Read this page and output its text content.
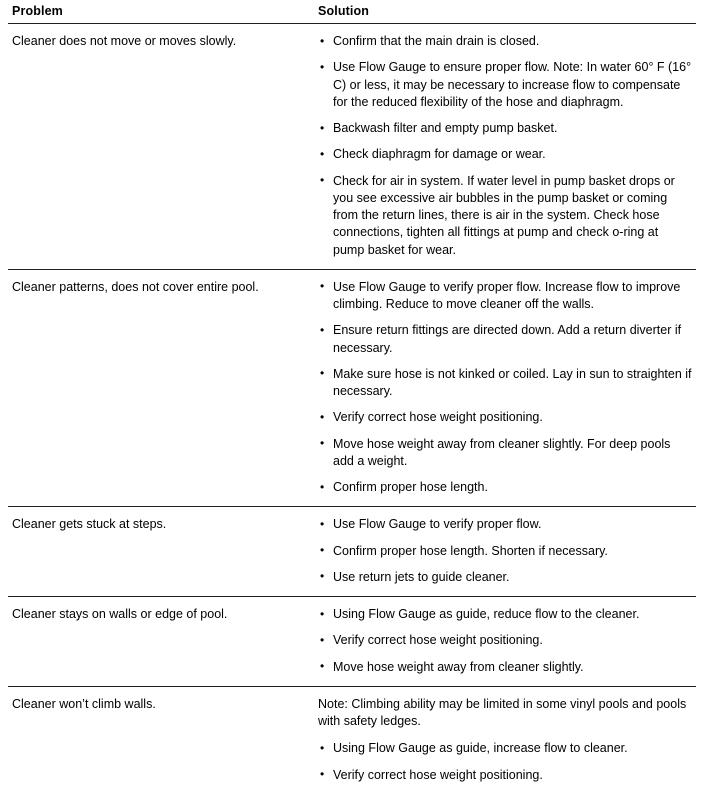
Problem	Solution
Cleaner does not move or moves slowly.	
•Confirm that the main drain is closed.
• Use Flow Gauge to ensure proper flow. Note: In water 60° F (16° C) or less, it may be necessary to increase flow to compensate for the reduced flexibility of the hose and diaphragm.
• Backwash filter and empty pump basket.
• Check diaphragm for damage or wear.
• Check for air in system. If water level in pump basket drops or you see excessive air bubbles in the pump basket or coming from the return lines, there is air in the system. Check hose connections, tighten all fittings at pump and check o-ring at pump basket for wear.

Cleaner patterns, does not cover entire pool.	
•Use Flow Gauge to verify proper flow. Increase flow to improve climbing. Reduce to move cleaner off the walls.
• Ensure return fittings are directed down. Add a return diverter if necessary.
• Make sure hose is not kinked or coiled. Lay in sun to straighten if necessary.
• Verify correct hose weight positioning.
• Move hose weight away from cleaner slightly. For deep pools add a weight.
• Confirm proper hose length.

Cleaner gets stuck at steps.	
•Use Flow Gauge to verify proper flow.
• Confirm proper hose length. Shorten if necessary.
• Use return jets to guide cleaner.

Cleaner stays on walls or edge of pool.	
•Using Flow Gauge as guide, reduce flow to the cleaner.
• Verify correct hose weight positioning.
• Move hose weight away from cleaner slightly.

Cleaner won’t climb walls.	Note: Climbing ability may be limited in some vinyl pools and pools with safety ledges.

• Using Flow Gauge as guide, increase flow to cleaner.
• Verify correct hose weight positioning.
